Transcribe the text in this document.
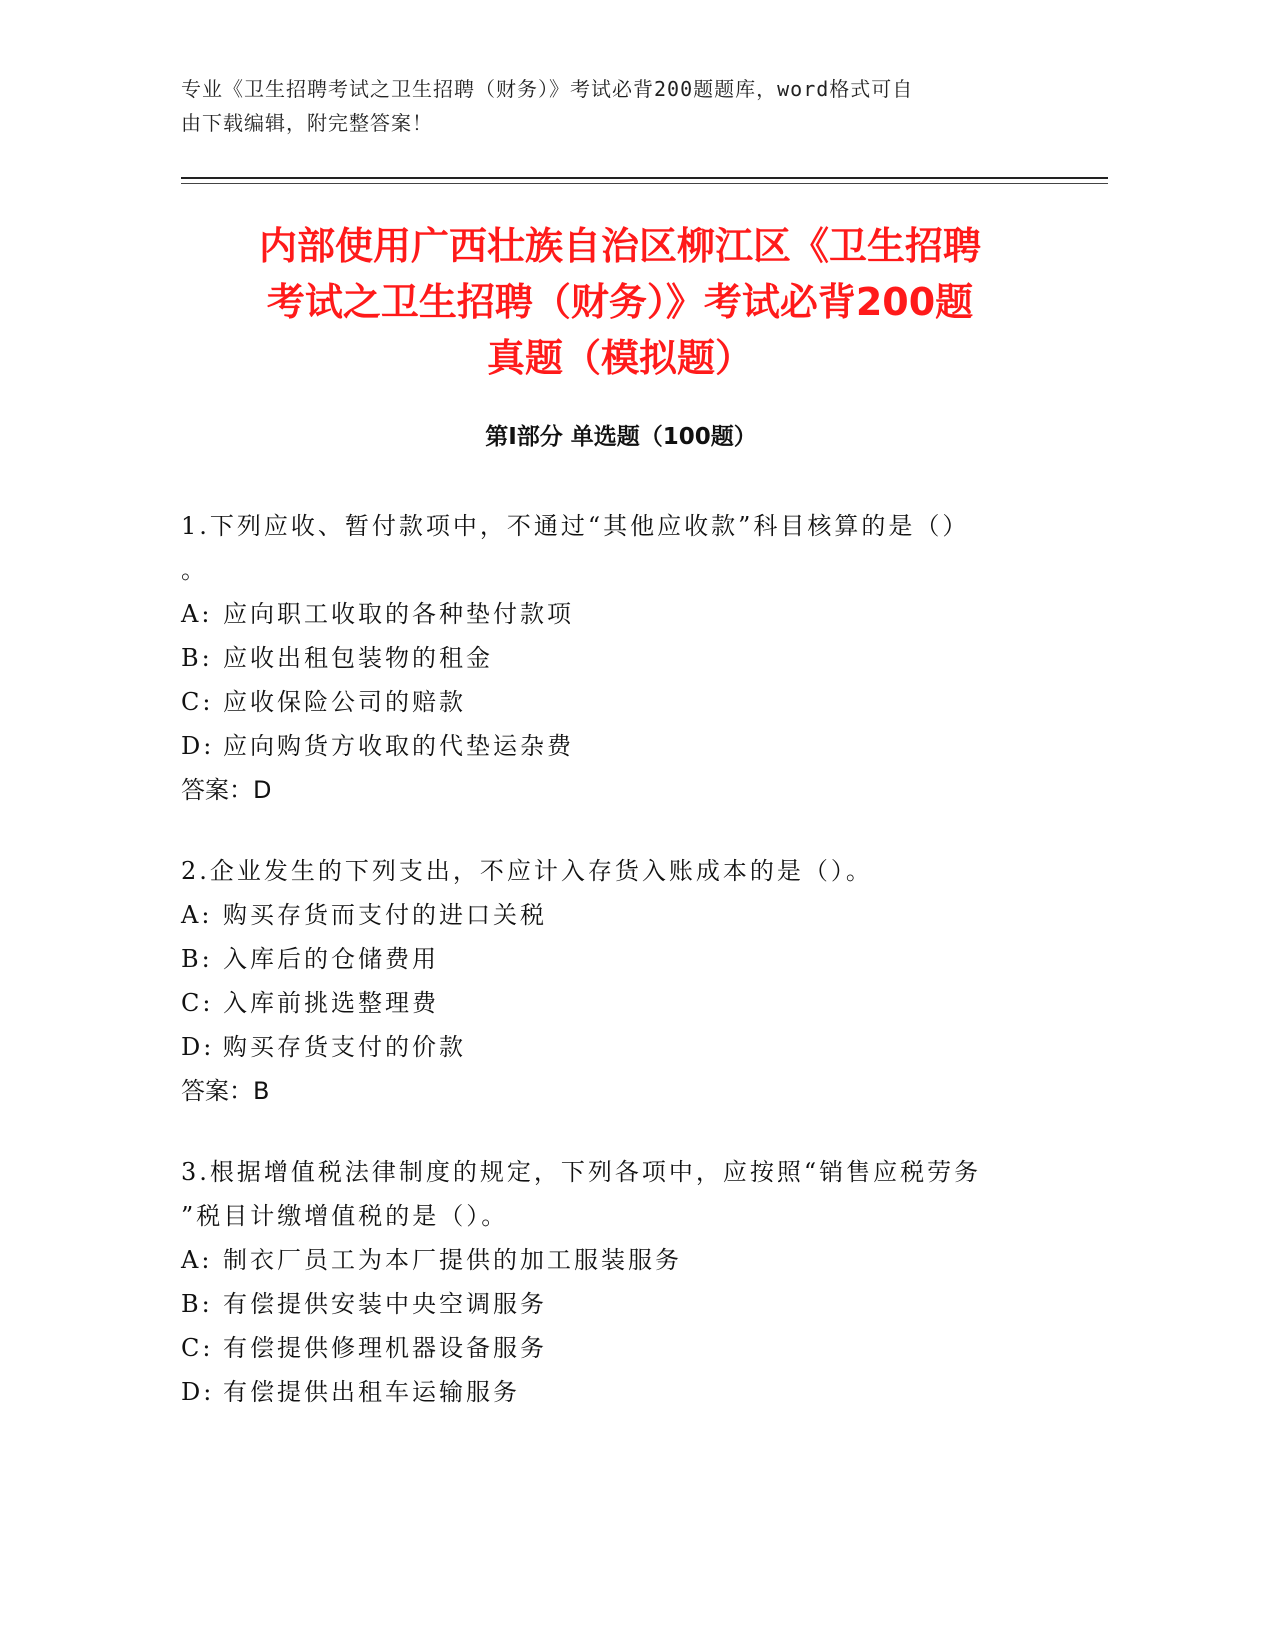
专业《卫生招聘考试之卫生招聘（财务）》考试必背200题题库，word格式可自
由下载编辑，附完整答案！
内部使用广西壮族自治区柳江区《卫生招聘
考试之卫生招聘（财务）》考试必背200题
真题（模拟题）
第Ⅰ部分 单选题（100题）

1.下列应收、暂付款项中，不通过“其他应收款”科目核算的是（）

。

A: 应向职工收取的各种垫付款项

B: 应收出租包装物的租金

C: 应收保险公司的赔款

D: 应向购货方收取的代垫运杂费

答案：D

2.企业发生的下列支出，不应计入存货入账成本的是（）。

A: 购买存货而支付的进口关税

B: 入库后的仓储费用

C: 入库前挑选整理费

D: 购买存货支付的价款

答案：B

3.根据增值税法律制度的规定，下列各项中，应按照“销售应税劳务

”税目计缴增值税的是（）。

A: 制衣厂员工为本厂提供的加工服装服务

B: 有偿提供安装中央空调服务

C: 有偿提供修理机器设备服务

D: 有偿提供出租车运输服务
